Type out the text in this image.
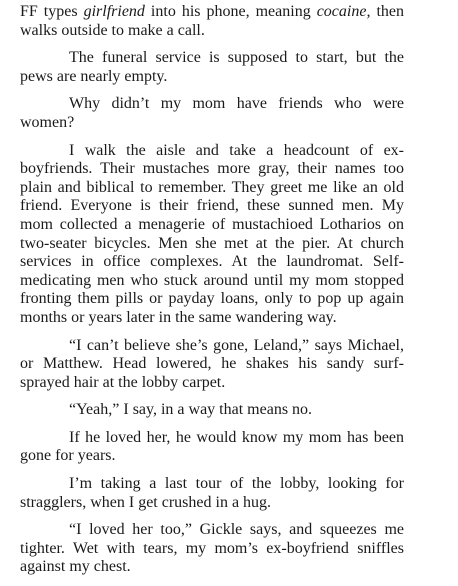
FF types girlfriend into his phone, meaning cocaine, then walks outside to make a call.

The funeral service is supposed to start, but the pews are nearly empty.

Why didn’t my mom have friends who were women?

I walk the aisle and take a headcount of ex-boyfriends. Their mustaches more gray, their names too plain and biblical to remember. They greet me like an old friend. Everyone is their friend, these sunned men. My mom collected a menagerie of mustachioed Lotharios on two-seater bicycles. Men she met at the pier. At church services in office complexes. At the laundromat. Self-medicating men who stuck around until my mom stopped fronting them pills or payday loans, only to pop up again months or years later in the same wandering way.

“I can’t believe she’s gone, Leland,” says Michael, or Matthew. Head lowered, he shakes his sandy surf-sprayed hair at the lobby carpet.

“Yeah,” I say, in a way that means no.

If he loved her, he would know my mom has been gone for years.

I’m taking a last tour of the lobby, looking for stragglers, when I get crushed in a hug.

“I loved her too,” Gickle says, and squeezes me tighter. Wet with tears, my mom’s ex-boyfriend sniffles against my chest.
